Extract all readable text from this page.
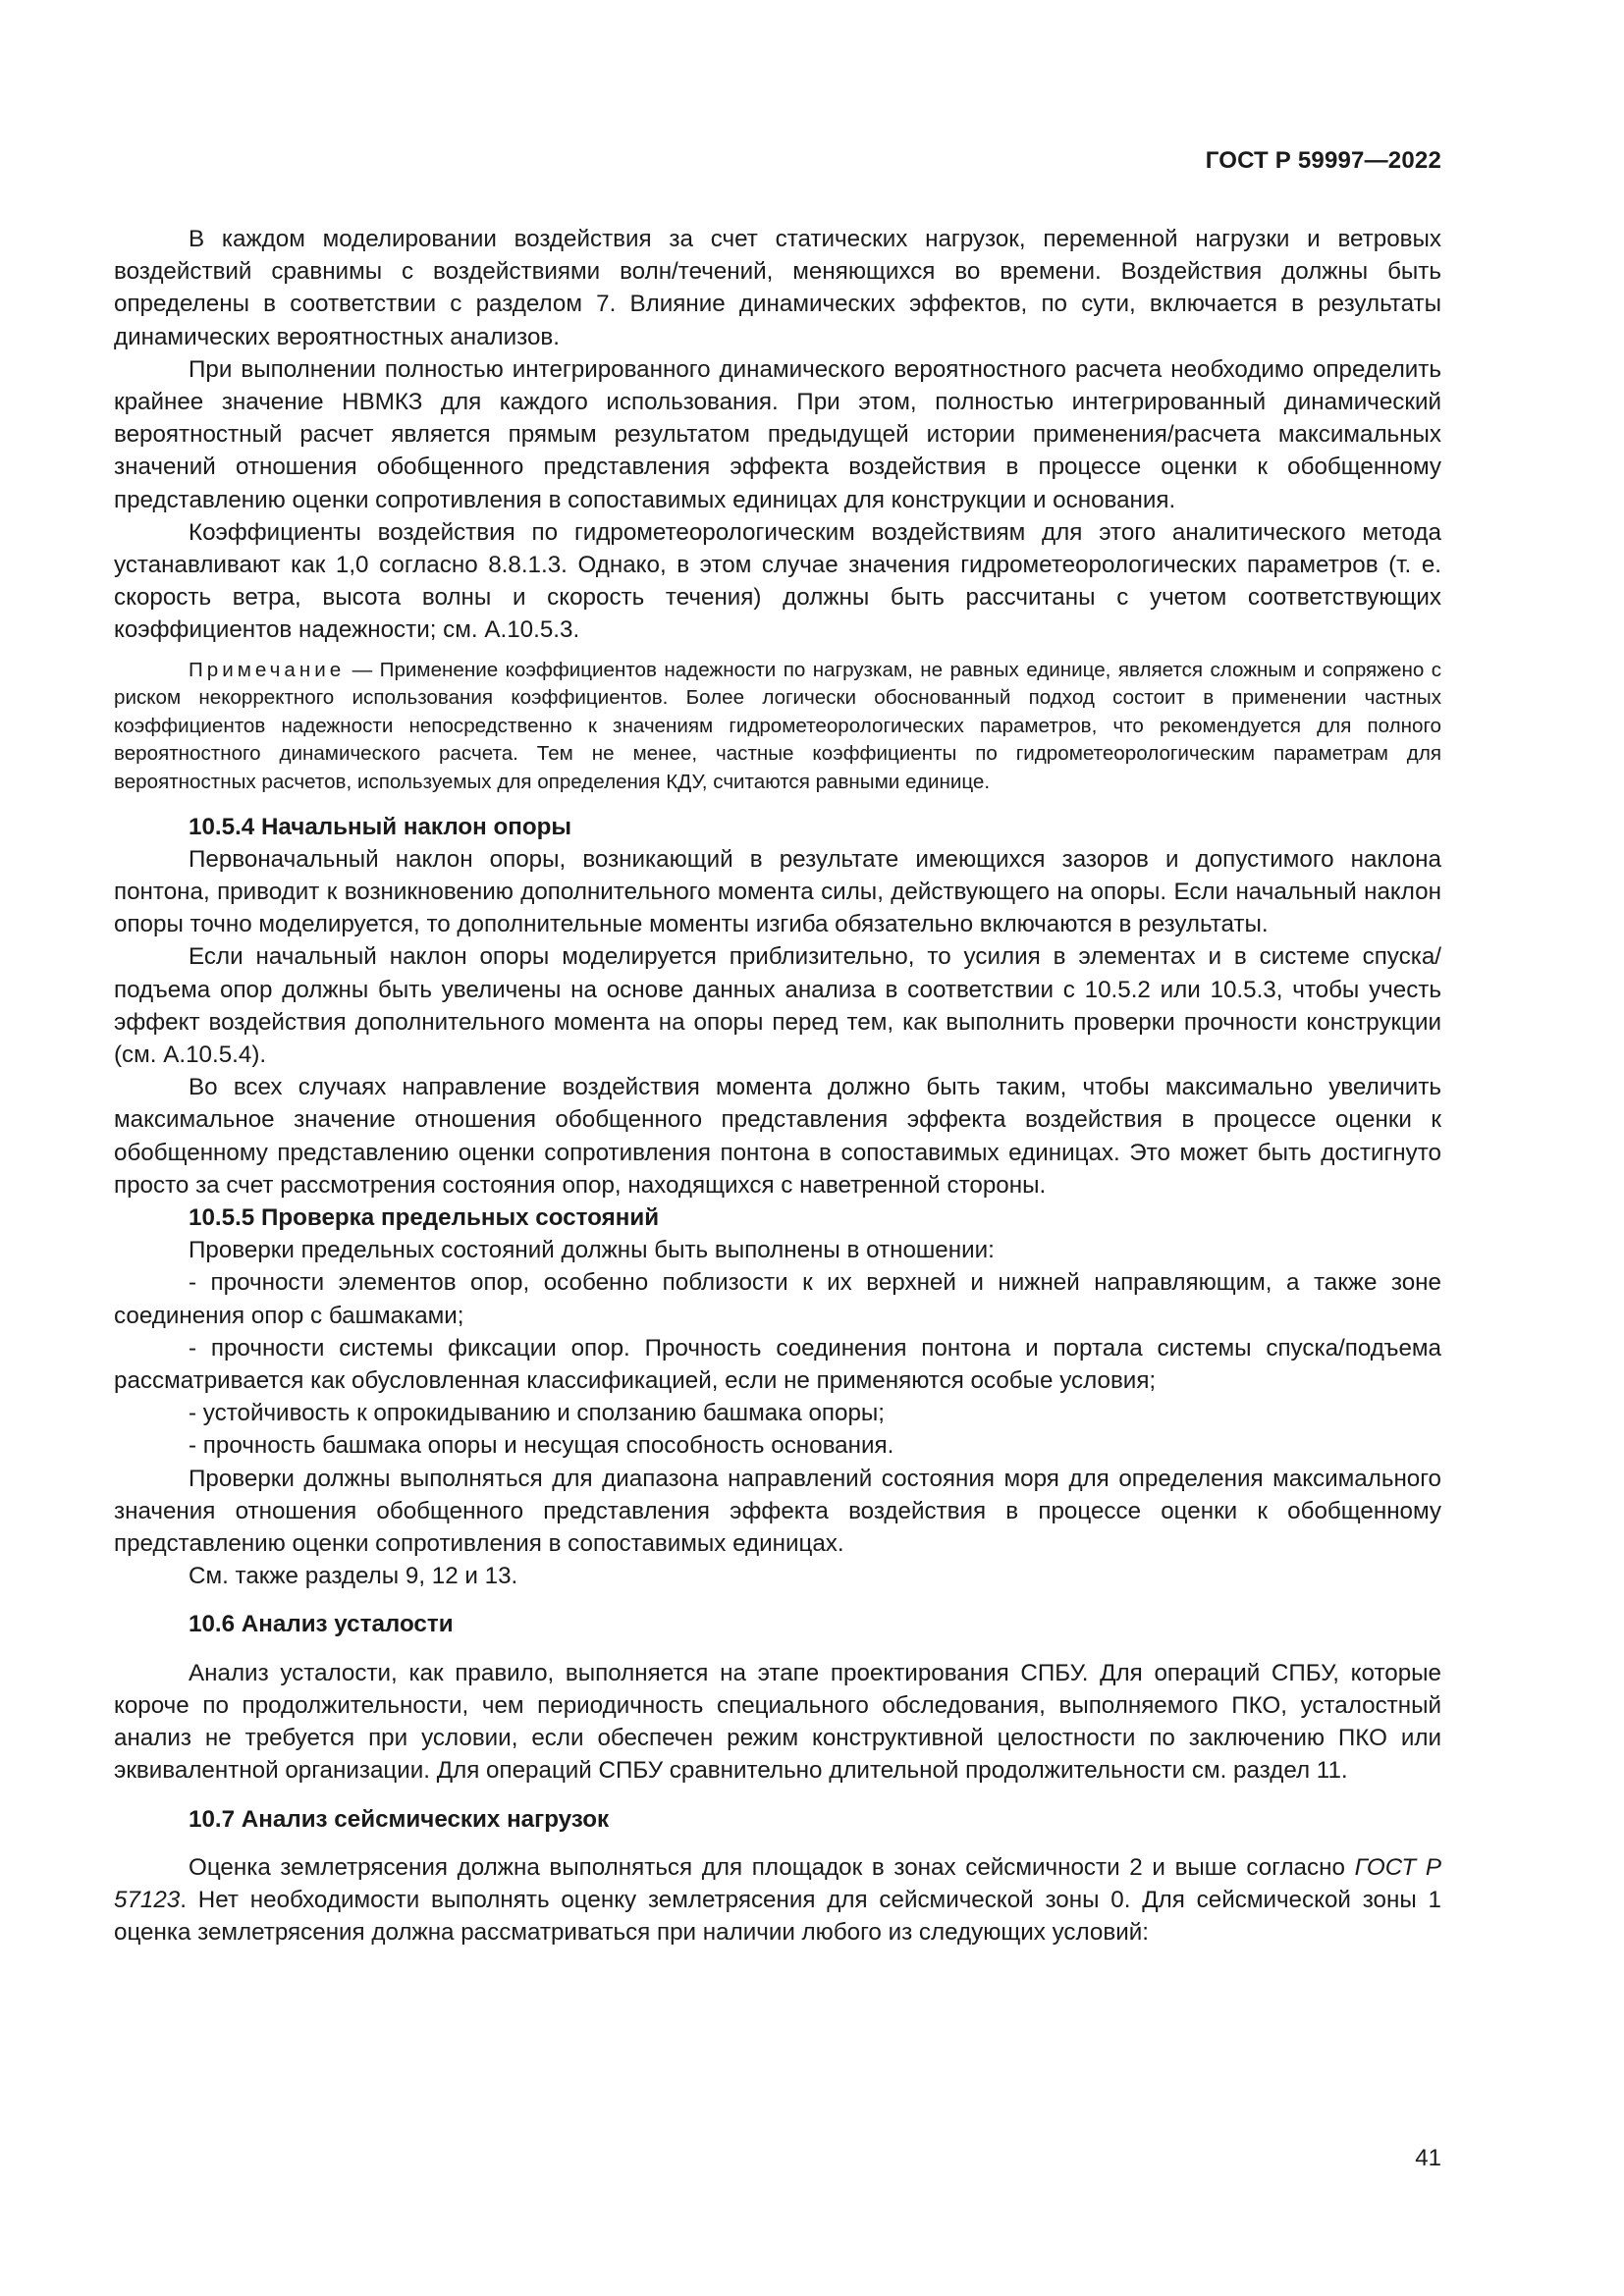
ГОСТ Р 59997—2022

В каждом моделировании воздействия за счет статических нагрузок, переменной нагрузки и ветровых воздействий сравнимы с воздействиями волн/течений, меняющихся во времени. Воздействия должны быть определены в соответствии с разделом 7. Влияние динамических эффектов, по сути, включается в результаты динамических вероятностных анализов.

При выполнении полностью интегрированного динамического вероятностного расчета необходимо определить крайнее значение НВМКЗ для каждого использования. При этом, полностью интегрированный динамический вероятностный расчет является прямым результатом предыдущей истории применения/расчета максимальных значений отношения обобщенного представления эффекта воздействия в процессе оценки к обобщенному представлению оценки сопротивления в сопоставимых единицах для конструкции и основания.

Коэффициенты воздействия по гидрометеорологическим воздействиям для этого аналитического метода устанавливают как 1,0 согласно 8.8.1.3. Однако, в этом случае значения гидрометеорологических параметров (т. е. скорость ветра, высота волны и скорость течения) должны быть рассчитаны с учетом соответствующих коэффициентов надежности; см. А.10.5.3.

Примечание — Применение коэффициентов надежности по нагрузкам, не равных единице, является сложным и сопряжено с риском некорректного использования коэффициентов. Более логически обоснованный подход состоит в применении частных коэффициентов надежности непосредственно к значениям гидрометеорологических параметров, что рекомендуется для полного вероятностного динамического расчета. Тем не менее, частные коэффициенты по гидрометеорологическим параметрам для вероятностных расчетов, используемых для определения КДУ, считаются равными единице.

10.5.4 Начальный наклон опоры

Первоначальный наклон опоры, возникающий в результате имеющихся зазоров и допустимого наклона понтона, приводит к возникновению дополнительного момента силы, действующего на опоры. Если начальный наклон опоры точно моделируется, то дополнительные моменты изгиба обязательно включаются в результаты.

Если начальный наклон опоры моделируется приблизительно, то усилия в элементах и в системе спуска/подъема опор должны быть увеличены на основе данных анализа в соответствии с 10.5.2 или 10.5.3, чтобы учесть эффект воздействия дополнительного момента на опоры перед тем, как выполнить проверки прочности конструкции (см. А.10.5.4).

Во всех случаях направление воздействия момента должно быть таким, чтобы максимально увеличить максимальное значение отношения обобщенного представления эффекта воздействия в процессе оценки к обобщенному представлению оценки сопротивления понтона в сопоставимых единицах. Это может быть достигнуто просто за счет рассмотрения состояния опор, находящихся с наветренной стороны.

10.5.5 Проверка предельных состояний

Проверки предельных состояний должны быть выполнены в отношении:

- прочности элементов опор, особенно поблизости к их верхней и нижней направляющим, а также зоне соединения опор с башмаками;

- прочности системы фиксации опор. Прочность соединения понтона и портала системы спуска/подъема рассматривается как обусловленная классификацией, если не применяются особые условия;

- устойчивость к опрокидыванию и сползанию башмака опоры;

- прочность башмака опоры и несущая способность основания.

Проверки должны выполняться для диапазона направлений состояния моря для определения максимального значения отношения обобщенного представления эффекта воздействия в процессе оценки к обобщенному представлению оценки сопротивления в сопоставимых единицах.

См. также разделы 9, 12 и 13.

10.6 Анализ усталости

Анализ усталости, как правило, выполняется на этапе проектирования СПБУ. Для операций СПБУ, которые короче по продолжительности, чем периодичность специального обследования, выполняемого ПКО, усталостный анализ не требуется при условии, если обеспечен режим конструктивной целостности по заключению ПКО или эквивалентной организации. Для операций СПБУ сравнительно длительной продолжительности см. раздел 11.

10.7 Анализ сейсмических нагрузок

Оценка землетрясения должна выполняться для площадок в зонах сейсмичности 2 и выше согласно ГОСТ Р 57123. Нет необходимости выполнять оценку землетрясения для сейсмической зоны 0. Для сейсмической зоны 1 оценка землетрясения должна рассматриваться при наличии любого из следующих условий:

41
